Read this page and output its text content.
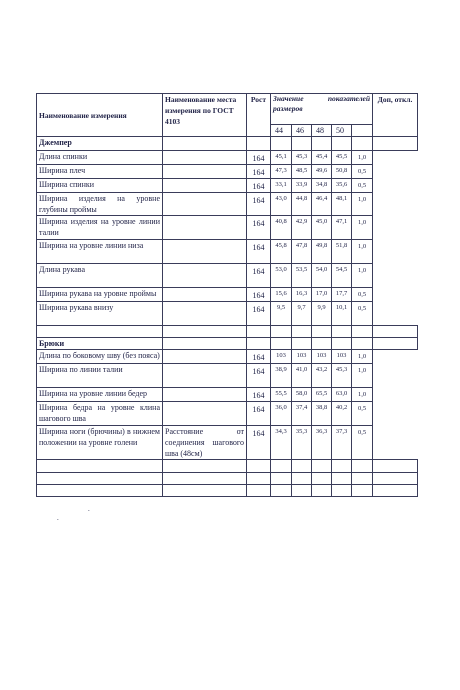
Наименование измерения	Наименование места измерения по ГОСТ 4103	Рост	Значение показателей размеров					Доп, откл.
			44	46	48	50		
Джемпер								
Длина спинки		164	45,1	45,3	45,4	45,5	1,0	
Ширина плеч		164	47,3	48,5	49,6	50,8	0,5	
Ширина спинки		164	33,1	33,9	34,8	35,6	0,5	
Ширина изделия на уровне глубины проймы		164	43,0	44,8	46,4	48,1	1,0	
Ширина изделия на уровне линии талии		164	40,8	42,9	45,0	47,1	1,0	
Ширина на уровне линии низа		164	45,8	47,8	49,8	51,8	1,0	
Длина рукава		164	53,0	53,5	54,0	54,5	1,0	
Ширина рукава на уровне проймы		164	15,6	16,3	17,0	17,7	0,5	
Ширина рукава внизу		164	9,5	9,7	9,9	10,1	0,5	

Брюки								
Длина по боковому шву (без пояса)		164	103	103	103	103	1,0	
Ширина по линии талии		164	38,9	41,0	43,2	45,3	1,0	
Ширина на уровне линии бедер		164	55,5	58,0	65,5	63,0	1,0	
Ширина бедра на уровне клина шагового шва		164	36,0	37,4	38,8	40,2	0,5	
Ширина ноги (брючины) в нижнем положении на уровне голени	Расстояние от соединения шагового шва (48см)	164	34,3	35,3	36,3	37,3	0,5	

.
.
